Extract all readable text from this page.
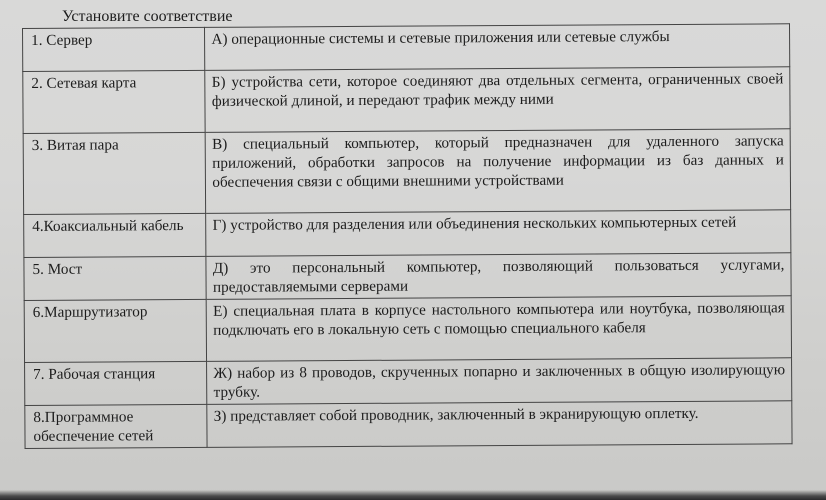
Установите соответствие
1. Сервер	А) операционные системы и сетевые приложения или сетевые службы
2. Сетевая карта	Б) устройства сети, которое соединяют два отдельных сегмента, ограниченных своей физической длиной, и передают трафик между ними
3. Витая пара	В) специальный компьютер, который предназначен для удаленного запуска приложений, обработки запросов на получение информации из баз данных и обеспечения связи с общими внешними устройствами
4.Коаксиальный кабель	Г) устройство для разделения или объединения нескольких компьютерных сетей
5. Мост	Д) это персональный компьютер, позволяющий пользоваться услугами, предоставляемыми серверами
6.Маршрутизатор	Е) специальная плата в корпусе настольного компьютера или ноутбука, позволяющая подключать его в локальную сеть с помощью специального кабеля
7. Рабочая станция	Ж) набор из 8 проводов, скрученных попарно и заключенных в общую изолирующую трубку.
8.Программное обеспечение сетей	З) представляет собой проводник, заключенный в экранирующую оплетку.
